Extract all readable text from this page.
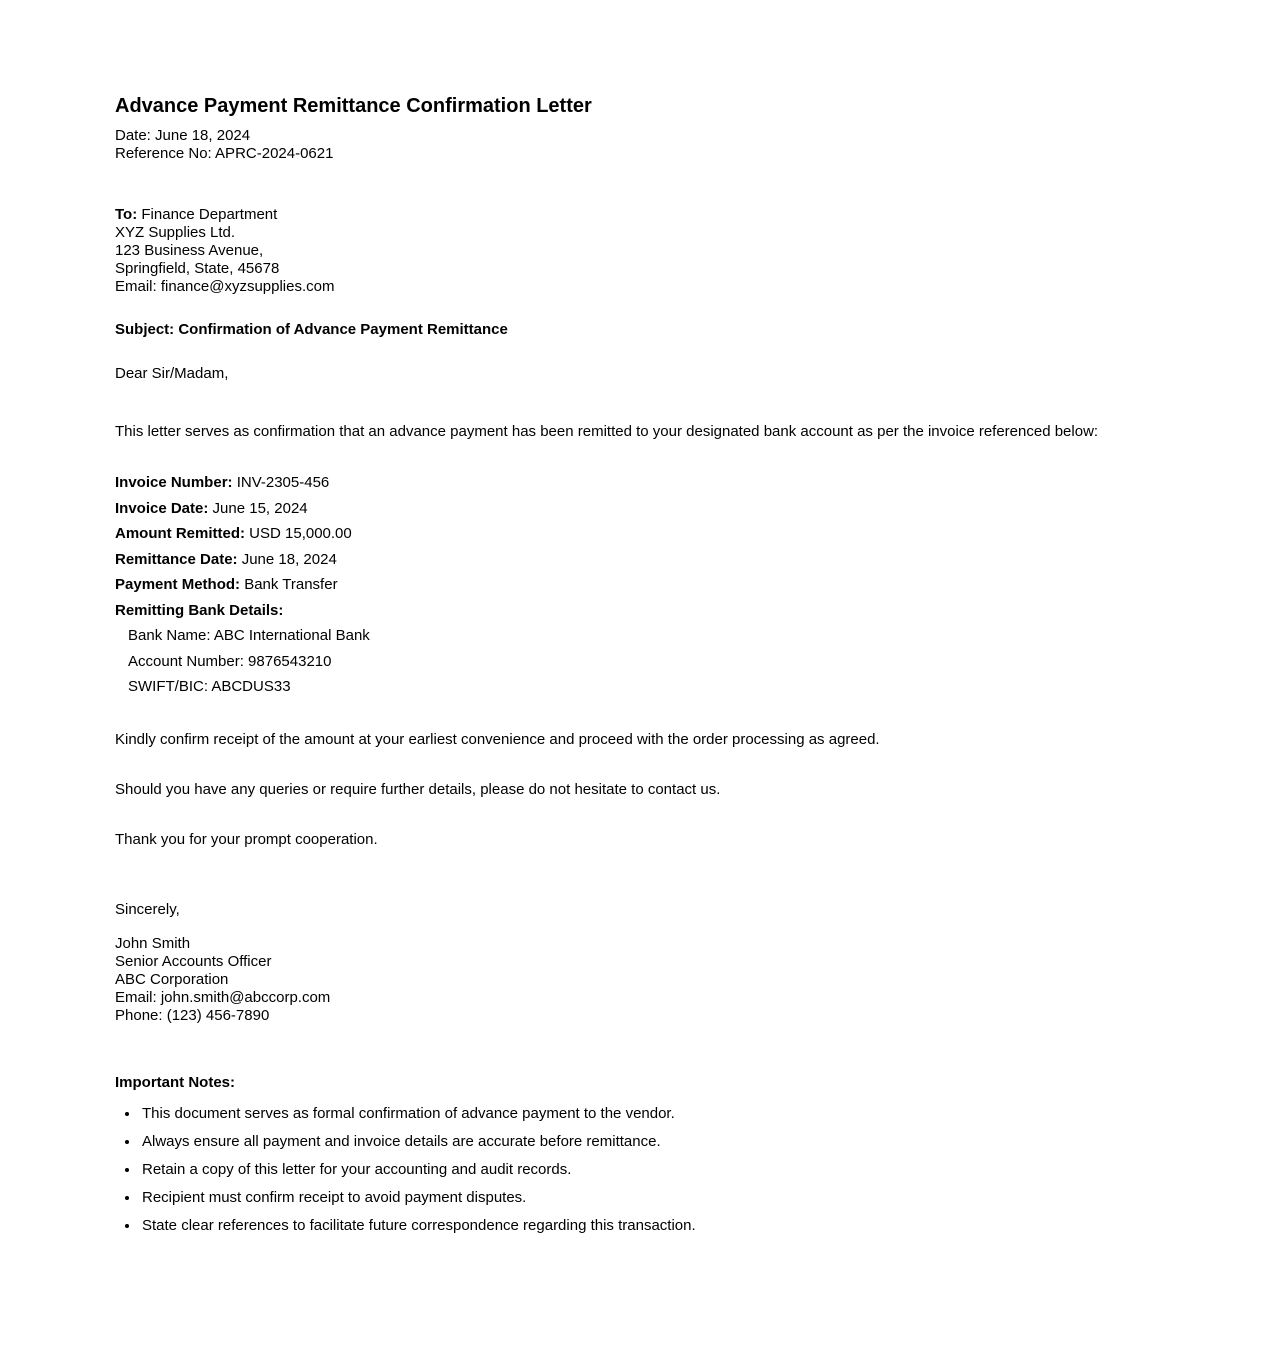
Advance Payment Remittance Confirmation Letter
Date: June 18, 2024
Reference No: APRC-2024-0621
To: Finance Department
XYZ Supplies Ltd.
123 Business Avenue,
Springfield, State, 45678
Email: finance@xyzsupplies.com
Subject: Confirmation of Advance Payment Remittance
Dear Sir/Madam,

This letter serves as confirmation that an advance payment has been remitted to your designated bank account as per the invoice referenced below:

Invoice Number: INV-2305-456
Invoice Date: June 15, 2024
Amount Remitted: USD 15,000.00
Remittance Date: June 18, 2024
Payment Method: Bank Transfer
Remitting Bank Details:
Bank Name: ABC International Bank
Account Number: 9876543210
SWIFT/BIC: ABCDUS33

Kindly confirm receipt of the amount at your earliest convenience and proceed with the order processing as agreed.

Should you have any queries or require further details, please do not hesitate to contact us.

Thank you for your prompt cooperation.

Sincerely,
John Smith
Senior Accounts Officer
ABC Corporation
Email: john.smith@abccorp.com
Phone: (123) 456-7890
Important Notes:
• This document serves as formal confirmation of advance payment to the vendor.
• Always ensure all payment and invoice details are accurate before remittance.
• Retain a copy of this letter for your accounting and audit records.
• Recipient must confirm receipt to avoid payment disputes.
• State clear references to facilitate future correspondence regarding this transaction.
